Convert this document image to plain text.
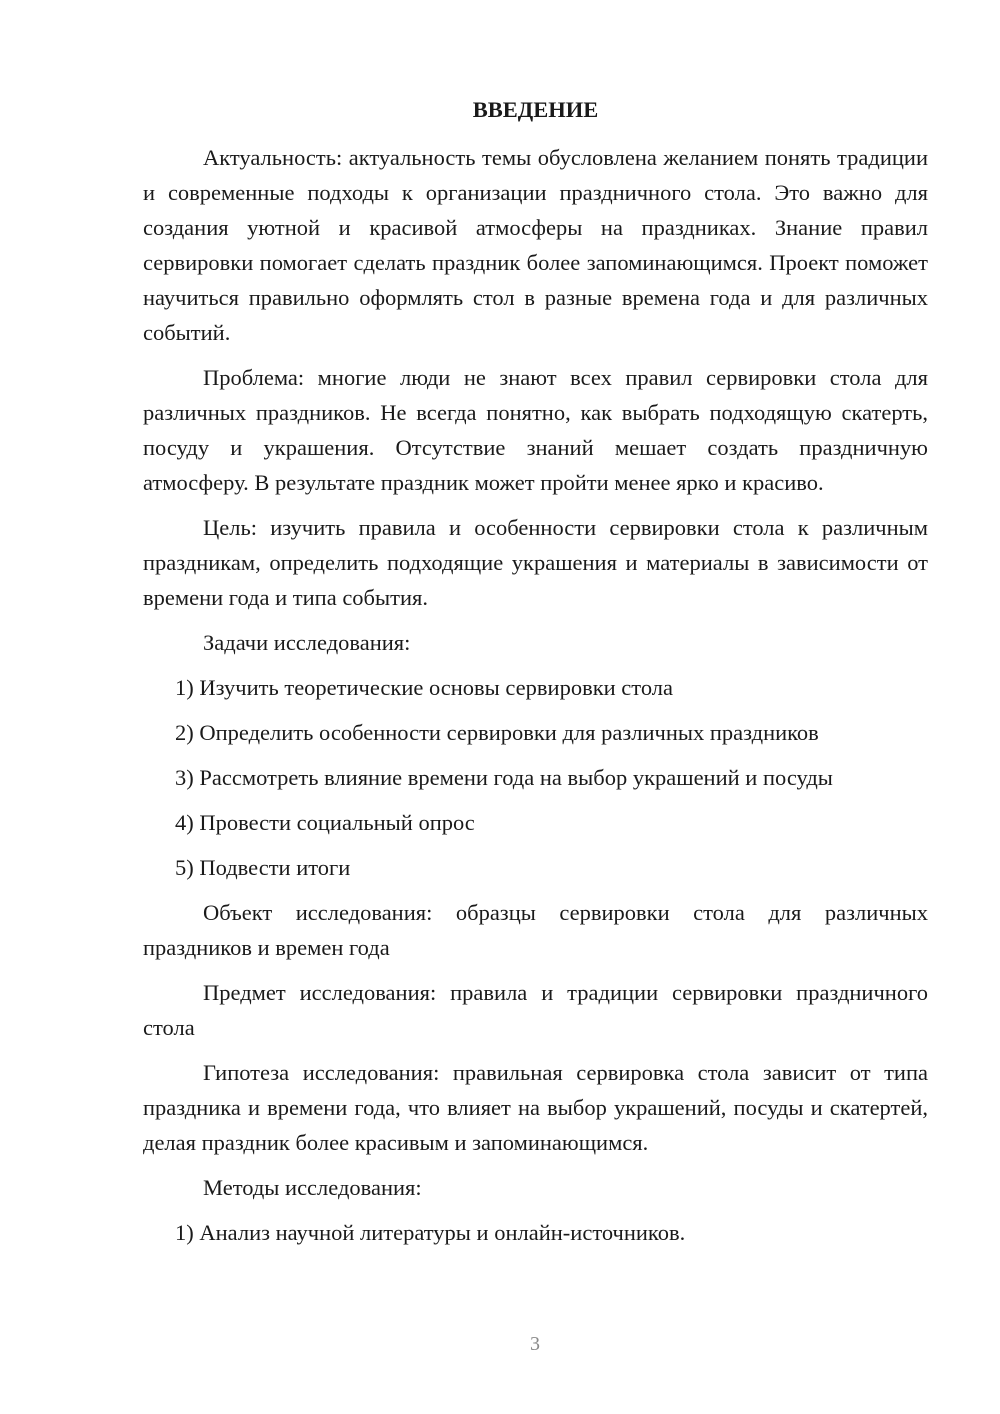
ВВЕДЕНИЕ

Актуальность: актуальность темы обусловлена желанием понять традиции и современные подходы к организации праздничного стола. Это важно для создания уютной и красивой атмосферы на праздниках. Знание правил сервировки помогает сделать праздник более запоминающимся. Проект поможет научиться правильно оформлять стол в разные времена года и для различных событий.

Проблема: многие люди не знают всех правил сервировки стола для различных праздников. Не всегда понятно, как выбрать подходящую скатерть, посуду и украшения. Отсутствие знаний мешает создать праздничную атмосферу. В результате праздник может пройти менее ярко и красиво.

Цель: изучить правила и особенности сервировки стола к различным праздникам, определить подходящие украшения и материалы в зависимости от времени года и типа события.

Задачи исследования:

1) Изучить теоретические основы сервировки стола

2) Определить особенности сервировки для различных праздников

3) Рассмотреть влияние времени года на выбор украшений и посуды

4) Провести социальный опрос

5) Подвести итоги

Объект исследования: образцы сервировки стола для различных праздников и времен года

Предмет исследования: правила и традиции сервировки праздничного стола

Гипотеза исследования: правильная сервировка стола зависит от типа праздника и времени года, что влияет на выбор украшений, посуды и скатертей, делая праздник более красивым и запоминающимся.

Методы исследования:

1) Анализ научной литературы и онлайн-источников.

3
